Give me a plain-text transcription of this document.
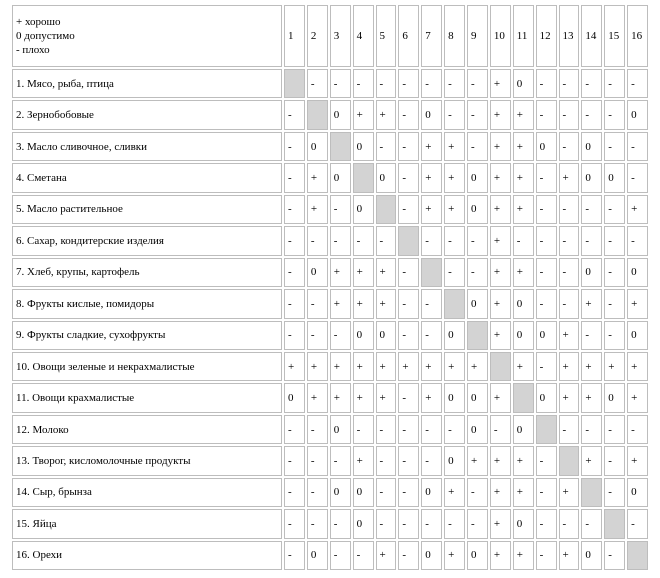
+ хорошо
0 допустимо
- плохо	1	2	3	4	5	6	7	8	9	10	11	12	13	14	15	16
1. Мясо, рыба, птица		-	-	-	-	-	-	-	-	+	0	-	-	-	-	-
2. Зернобобовые	-		0	+	+	-	0	-	-	+	+	-	-	-	-	0
3. Масло сливочное, сливки	-	0		0	-	-	+	+	-	+	+	0	-	0	-	-
4. Сметана	-	+	0		0	-	+	+	0	+	+	-	+	0	0	-
5. Масло растительное	-	+	-	0		-	+	+	0	+	+	-	-	-	-	+
6. Сахар, кондитерские изделия	-	-	-	-	-		-	-	-	+	-	-	-	-	-	-
7. Хлеб, крупы, картофель	-	0	+	+	+	-		-	-	+	+	-	-	0	-	0
8. Фрукты кислые, помидоры	-	-	+	+	+	-	-		0	+	0	-	-	+	-	+
9. Фрукты сладкие, сухофрукты	-	-	-	0	0	-	-	0		+	0	0	+	-	-	0
10. Овощи зеленые и некрахмалистые	+	+	+	+	+	+	+	+	+		+	-	+	+	+	+
11. Овощи крахмалистые	0	+	+	+	+	-	+	0	0	+		0	+	+	0	+
12. Молоко	-	-	0	-	-	-	-	-	0	-	0		-	-	-	-
13. Творог, кисломолочные продукты	-	-	-	+	-	-	-	0	+	+	+	-		+	-	+
14. Сыр, брынза	-	-	0	0	-	-	0	+	-	+	+	-	+		-	0
15. Яйца	-	-	-	0	-	-	-	-	-	+	0	-	-	-		-
16. Орехи	-	0	-	-	+	-	0	+	0	+	+	-	+	0	-	
